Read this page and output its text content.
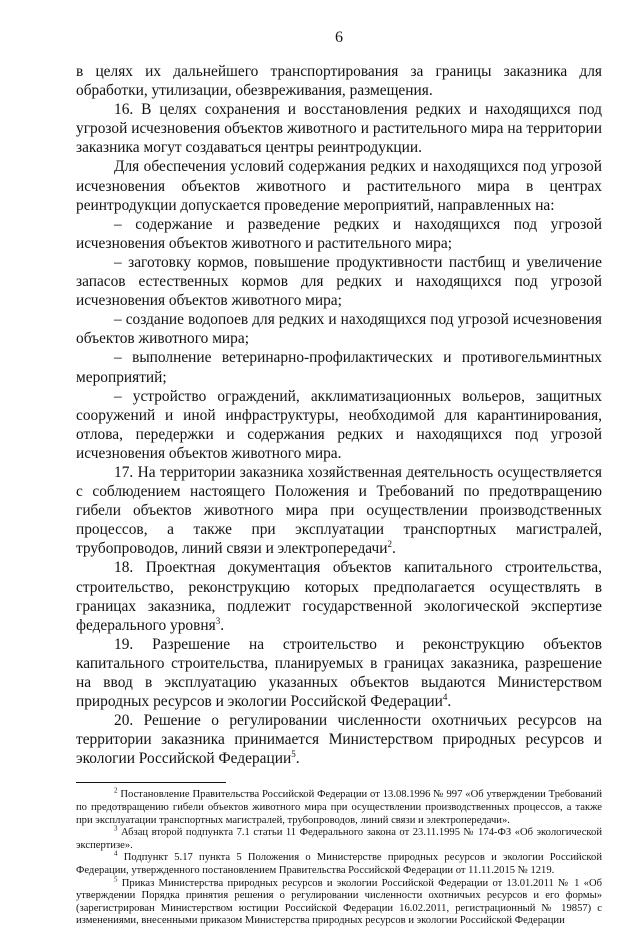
6

в целях их дальнейшего транспортирования за границы заказника для обработки, утилизации, обезвреживания, размещения.

16. В целях сохранения и восстановления редких и находящихся под угрозой исчезновения объектов животного и растительного мира на территории заказника могут создаваться центры реинтродукции.

Для обеспечения условий содержания редких и находящихся под угрозой исчезновения объектов животного и растительного мира в центрах реинтродукции допускается проведение мероприятий, направленных на:

– содержание и разведение редких и находящихся под угрозой исчезновения объектов животного и растительного мира;

– заготовку кормов, повышение продуктивности пастбищ и увеличение запасов естественных кормов для редких и находящихся под угрозой исчезновения объектов животного мира;

– создание водопоев для редких и находящихся под угрозой исчезновения объектов животного мира;

– выполнение ветеринарно-профилактических и противогельминтных мероприятий;

– устройство ограждений, акклиматизационных вольеров, защитных сооружений и иной инфраструктуры, необходимой для карантинирования, отлова, передержки и содержания редких и находящихся под угрозой исчезновения объектов животного мира.

17. На территории заказника хозяйственная деятельность осуществляется с соблюдением настоящего Положения и Требований по предотвращению гибели объектов животного мира при осуществлении производственных процессов, а также при эксплуатации транспортных магистралей, трубопроводов, линий связи и электропередачи$^2$.

18. Проектная документация объектов капитального строительства, строительство, реконструкцию которых предполагается осуществлять в границах заказника, подлежит государственной экологической экспертизе федерального уровня$^3$.

19. Разрешение на строительство и реконструкцию объектов капитального строительства, планируемых в границах заказника, разрешение на ввод в эксплуатацию указанных объектов выдаются Министерством природных ресурсов и экологии Российской Федерации$^4$.

20. Решение о регулировании численности охотничьих ресурсов на территории заказника принимается Министерством природных ресурсов и экологии Российской Федерации$^5$.

$^2$ Постановление Правительства Российской Федерации от 13.08.1996 № 997 «Об утверждении Требований по предотвращению гибели объектов животного мира при осуществлении производственных процессов, а также при эксплуатации транспортных магистралей, трубопроводов, линий связи и электропередачи».

$^3$ Абзац второй подпункта 7.1 статьи 11 Федерального закона от 23.11.1995 № 174-ФЗ «Об экологической экспертизе».

$^4$ Подпункт 5.17 пункта 5 Положения о Министерстве природных ресурсов и экологии Российской Федерации, утвержденного постановлением Правительства Российской Федерации от 11.11.2015 № 1219.

$^5$ Приказ Министерства природных ресурсов и экологии Российской Федерации от 13.01.2011 № 1 «Об утверждении Порядка принятия решения о регулировании численности охотничьих ресурсов и его формы» (зарегистрирован Министерством юстиции Российской Федерации 16.02.2011, регистрационный № 19857) с изменениями, внесенными приказом Министерства природных ресурсов и экологии Российской Федерации
